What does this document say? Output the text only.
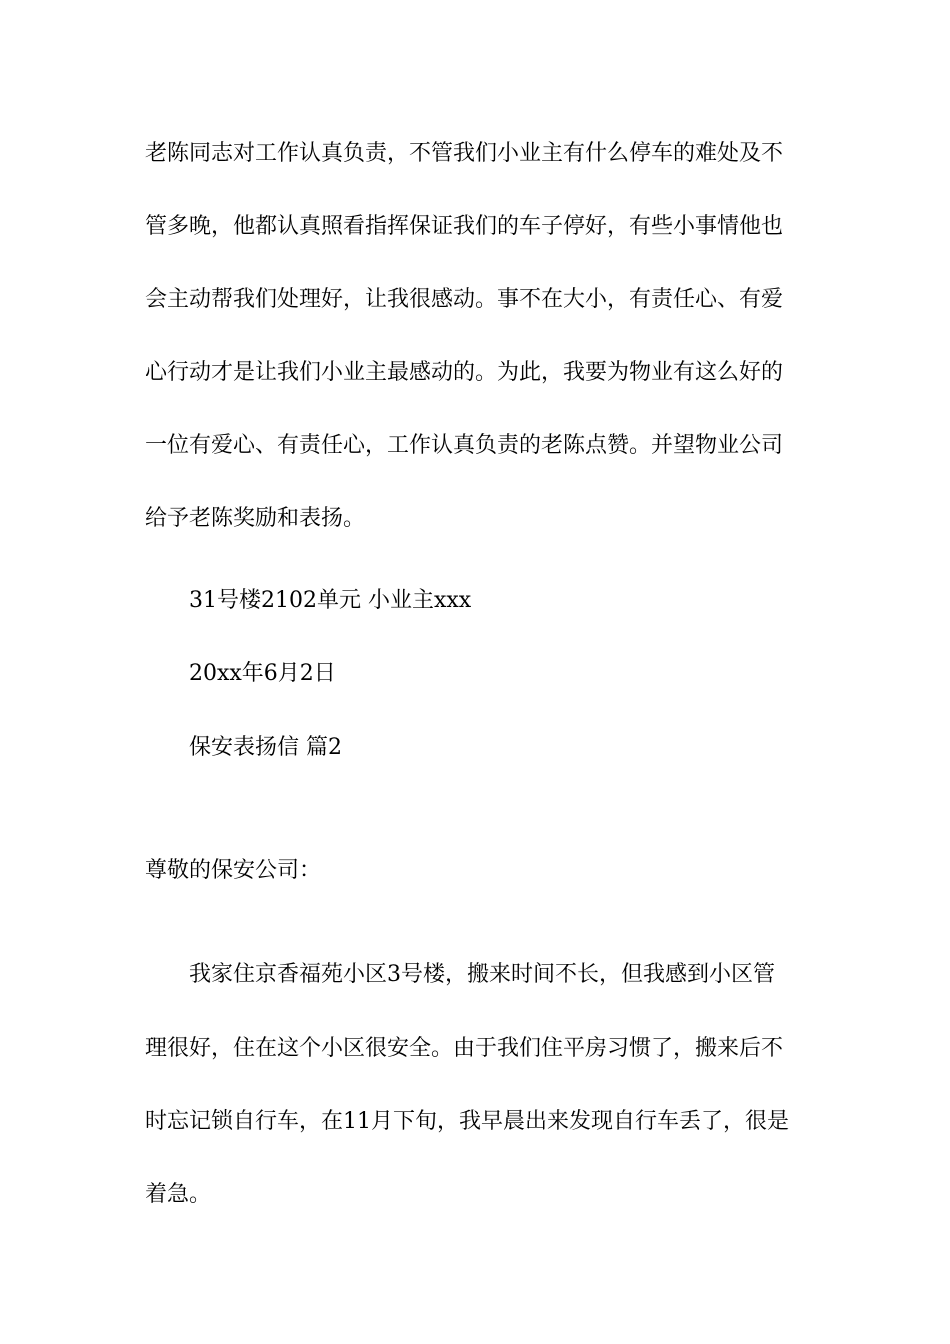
老陈同志对工作认真负责，不管我们小业主有什么停车的难处及不

管多晚，他都认真照看指挥保证我们的车子停好，有些小事情他也

会主动帮我们处理好，让我很感动。事不在大小，有责任心、有爱

心行动才是让我们小业主最感动的。为此，我要为物业有这么好的

一位有爱心、有责任心，工作认真负责的老陈点赞。并望物业公司

给予老陈奖励和表扬。

31号楼2102单元 小业主xxx

20xx年6月2日

保安表扬信 篇2

尊敬的保安公司：

我家住京香福苑小区3号楼，搬来时间不长，但我感到小区管

理很好，住在这个小区很安全。由于我们住平房习惯了，搬来后不

时忘记锁自行车，在11月下旬，我早晨出来发现自行车丢了，很是

着急。
